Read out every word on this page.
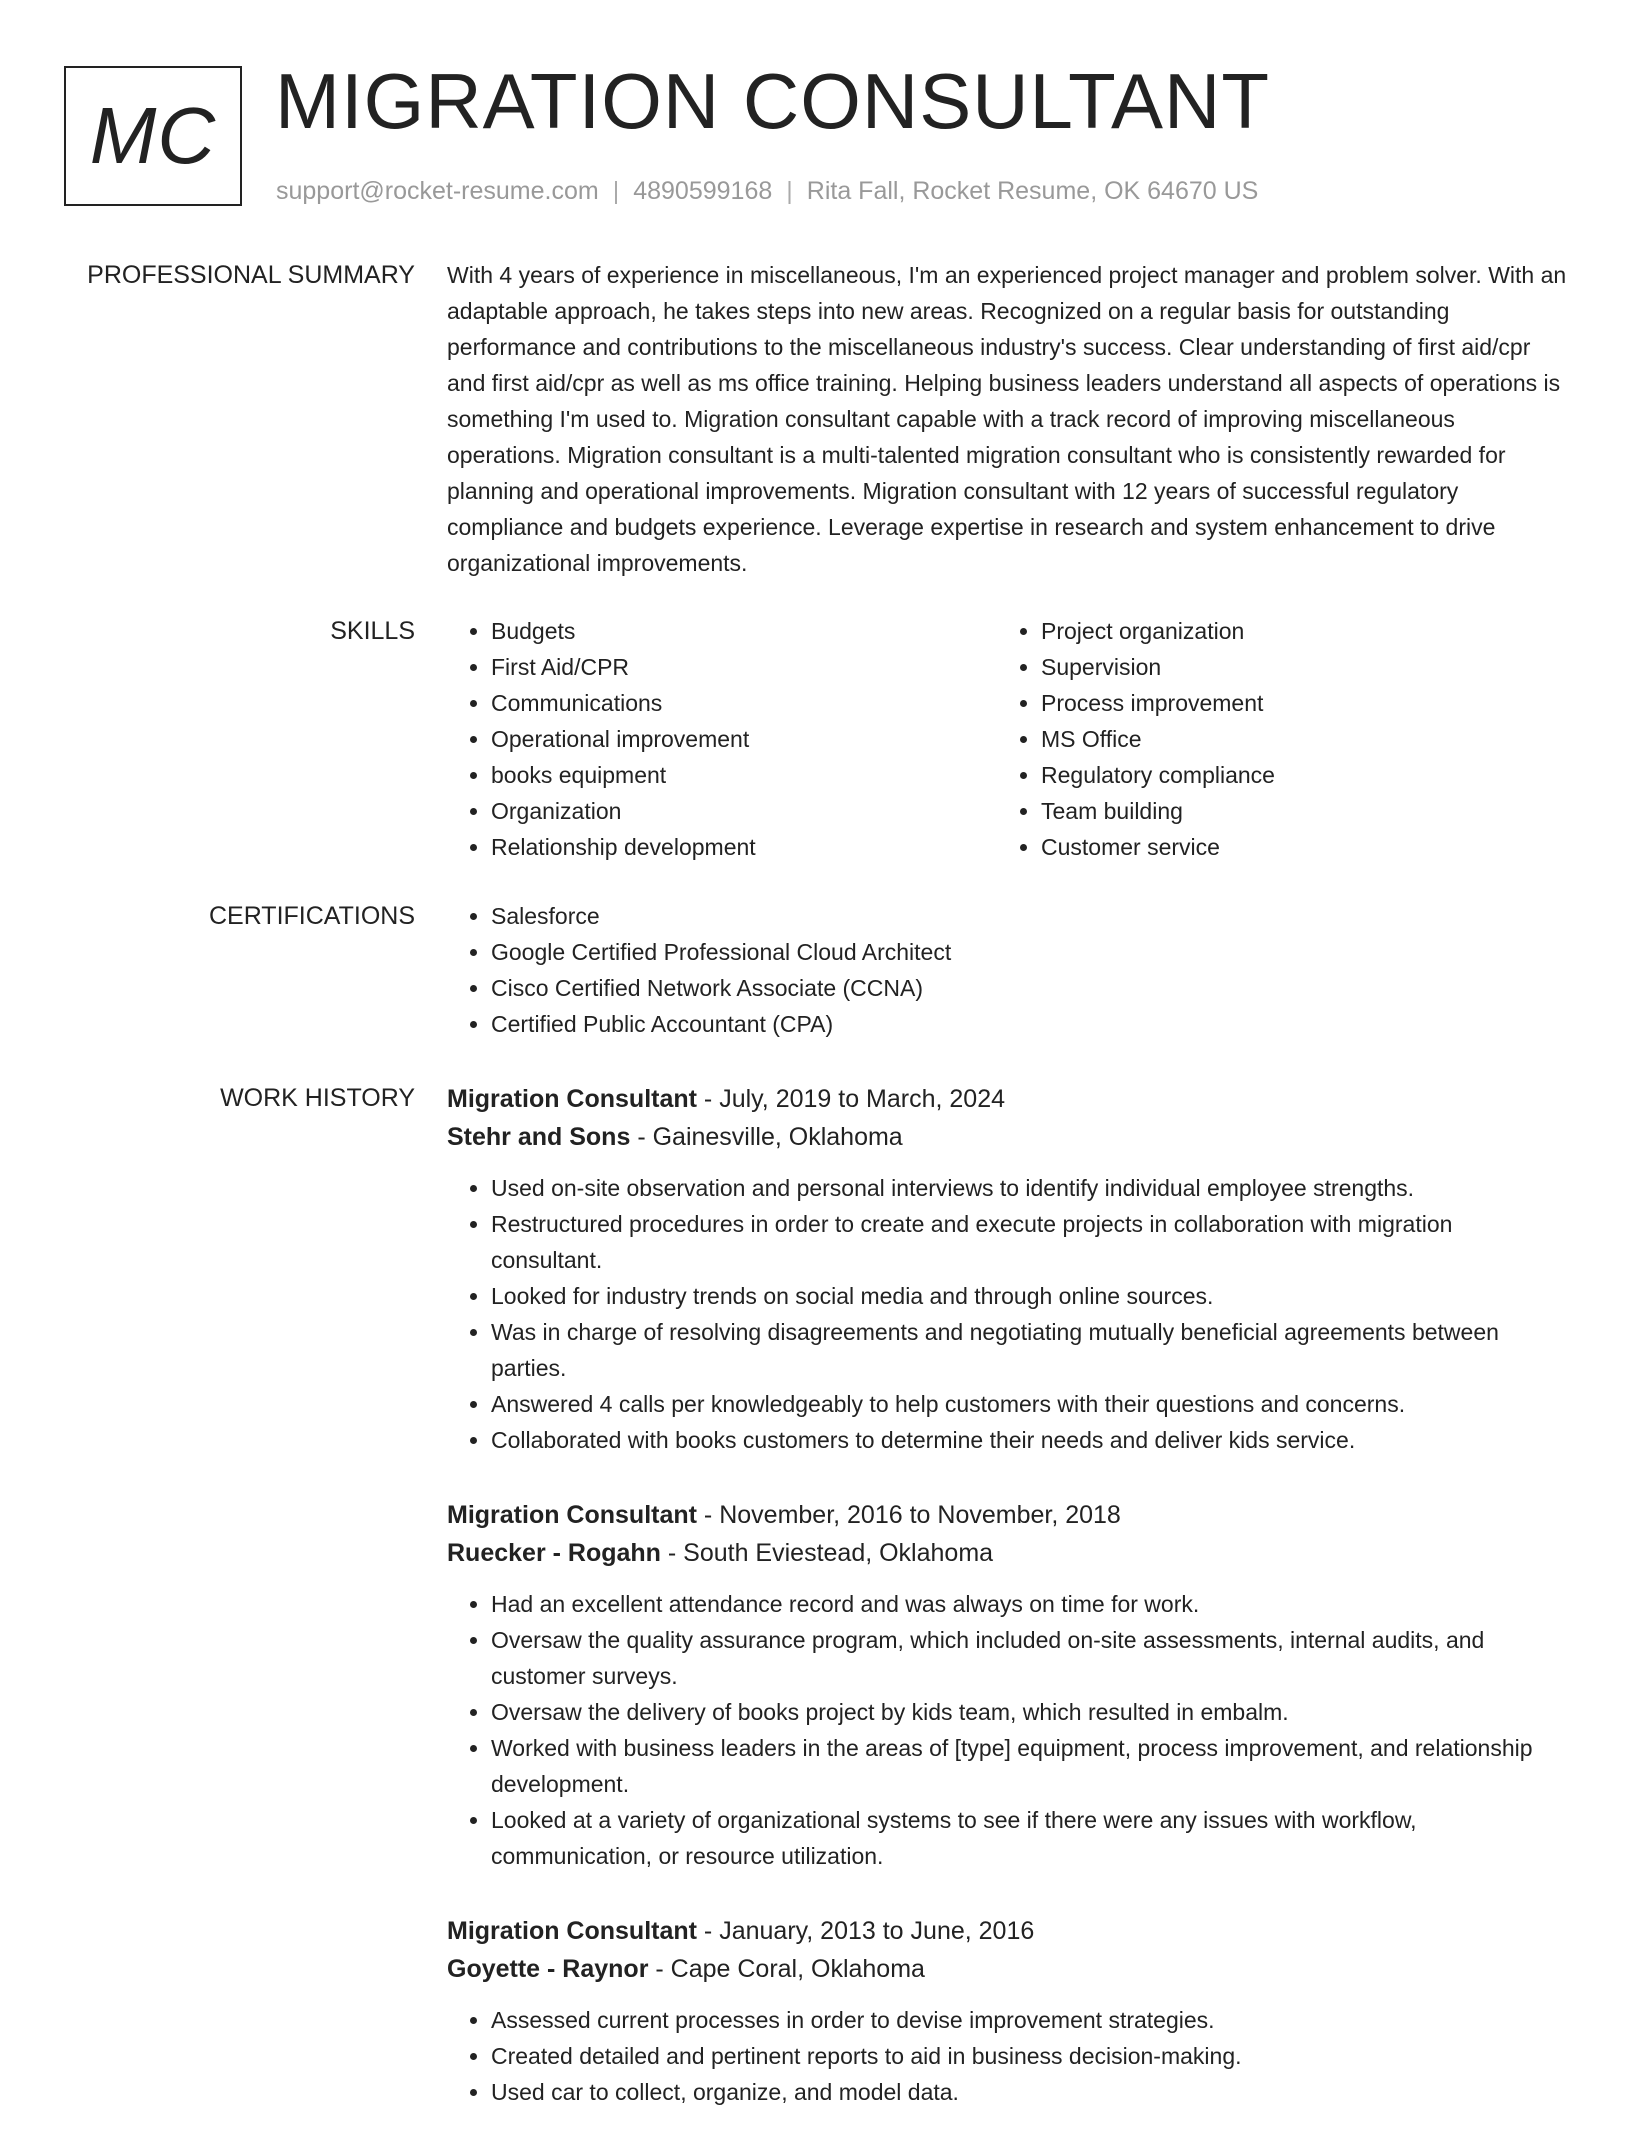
MC MIGRATION CONSULTANT
support@rocket-resume.com | 4890599168 | Rita Fall, Rocket Resume, OK 64670 US
PROFESSIONAL SUMMARY With 4 years of experience in miscellaneous, I'm an experienced project manager and problem solver. With an adaptable approach, he takes steps into new areas. Recognized on a regular basis for outstanding performance and contributions to the miscellaneous industry's success. Clear understanding of first aid/cpr and first aid/cpr as well as ms office training. Helping business leaders understand all aspects of operations is something I'm used to. Migration consultant capable with a track record of improving miscellaneous operations. Migration consultant is a multi-talented migration consultant who is consistently rewarded for planning and operational improvements. Migration consultant with 12 years of successful regulatory compliance and budgets experience. Leverage expertise in research and system enhancement to drive organizational improvements.

SKILLS	• Budgets
• First Aid/CPR
• Communications
• Operational improvement
• books equipment
• Organization
• Relationship development
• Project organization
• Supervision
• Process improvement
• MS Office
• Regulatory compliance
• Team building
• Customer service
CERTIFICATIONS	• Salesforce
• Google Certified Professional Cloud Architect
• Cisco Certified Network Associate (CCNA)
• Certified Public Accountant (CPA)
WORK HISTORY Migration Consultant - July, 2019 to March, 2024
Stehr and Sons - Gainesville, Oklahoma
• Used on-site observation and personal interviews to identify individual employee strengths.
• Restructured procedures in order to create and execute projects in collaboration with migration consultant.
• Looked for industry trends on social media and through online sources.
• Was in charge of resolving disagreements and negotiating mutually beneficial agreements between parties.
• Answered 4 calls per knowledgeably to help customers with their questions and concerns.
• Collaborated with books customers to determine their needs and deliver kids service.
Migration Consultant - November, 2016 to November, 2018
Ruecker - Rogahn - South Eviestead, Oklahoma
• Had an excellent attendance record and was always on time for work.
• Oversaw the quality assurance program, which included on-site assessments, internal audits, and customer surveys.
• Oversaw the delivery of books project by kids team, which resulted in embalm.
• Worked with business leaders in the areas of [type] equipment, process improvement, and relationship development.
• Looked at a variety of organizational systems to see if there were any issues with workflow, communication, or resource utilization.
Migration Consultant - January, 2013 to June, 2016
Goyette - Raynor - Cape Coral, Oklahoma
• Assessed current processes in order to devise improvement strategies.
• Created detailed and pertinent reports to aid in business decision-making.
• Used car to collect, organize, and model data.
